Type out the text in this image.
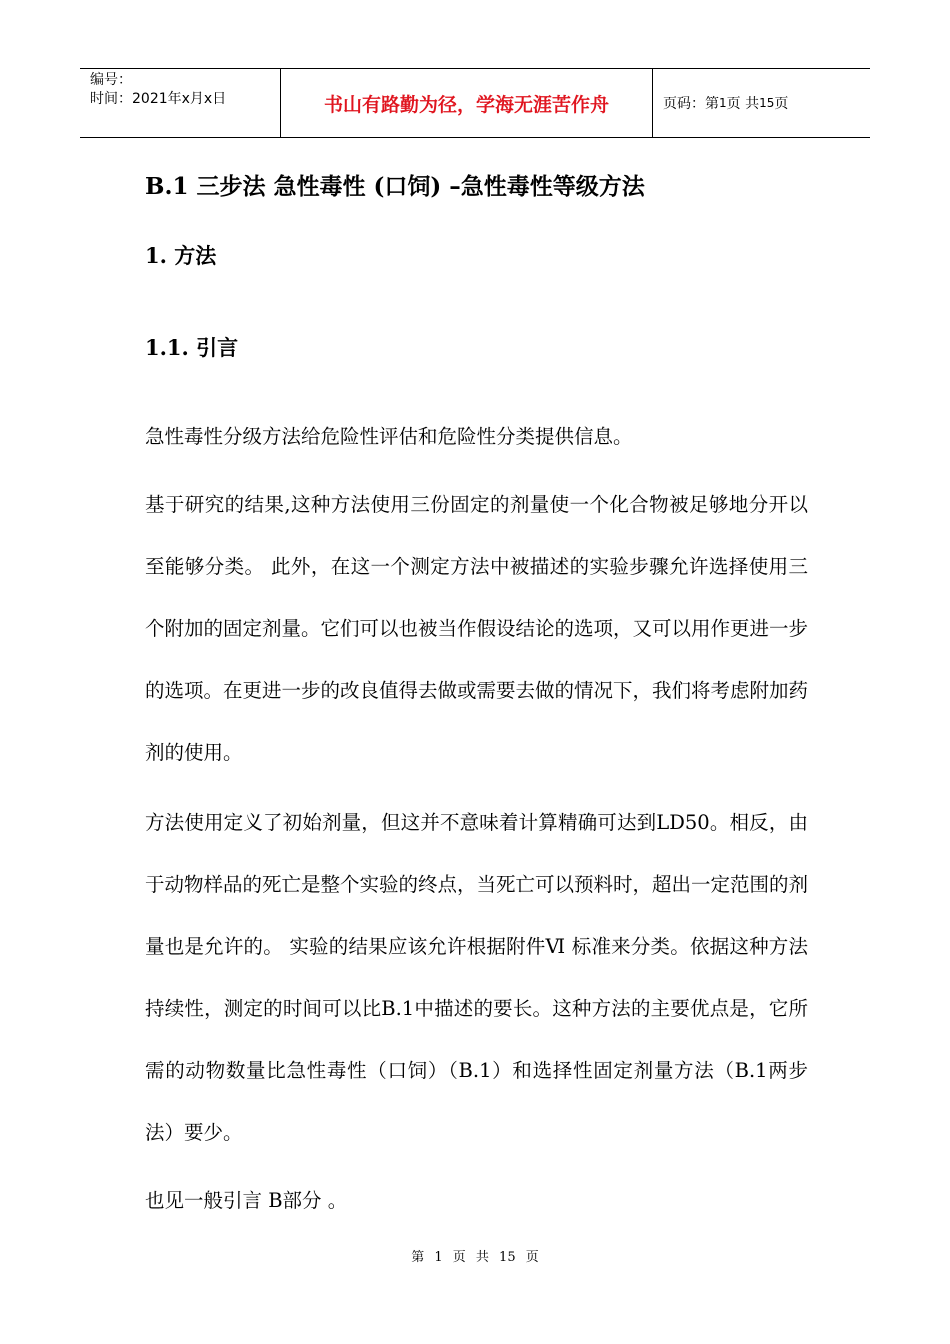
编号：
时间：2021年x月x日	书山有路勤为径，学海无涯苦作舟	页码：第 1 页 共 15 页
B.1 三步法 急性毒性 (口饲) –急性毒性等级方法
1. 方法
1.1. 引言
急性毒性分级方法给危险性评估和危险性分类提供信息。
基于研究的结果,这种方法使用三份固定的剂量使一个化合物被足够地分开以至能够分类。 此外，在这一个测定方法中被描述的实验步骤允许选择使用三个附加的固定剂量。它们可以也被当作假设结论的选项，又可以用作更进一步的选项。在更进一步的改良值得去做或需要去做的情况下，我们将考虑附加药剂的使用。
方法使用定义了初始剂量，但这并不意味着计算精确可达到LD50。相反，由于动物样品的死亡是整个实验的终点，当死亡可以预料时，超出一定范围的剂量也是允许的。 实验的结果应该允许根据附件Ⅵ 标准来分类。依据这种方法持续性，测定的时间可以比B.1中描述的要长。这种方法的主要优点是，它所需的动物数量比急性毒性（口饲）（B.1）和选择性固定剂量方法（B.1两步法）要少。
也见一般引言 B部分 。
第 1 页 共 15 页
